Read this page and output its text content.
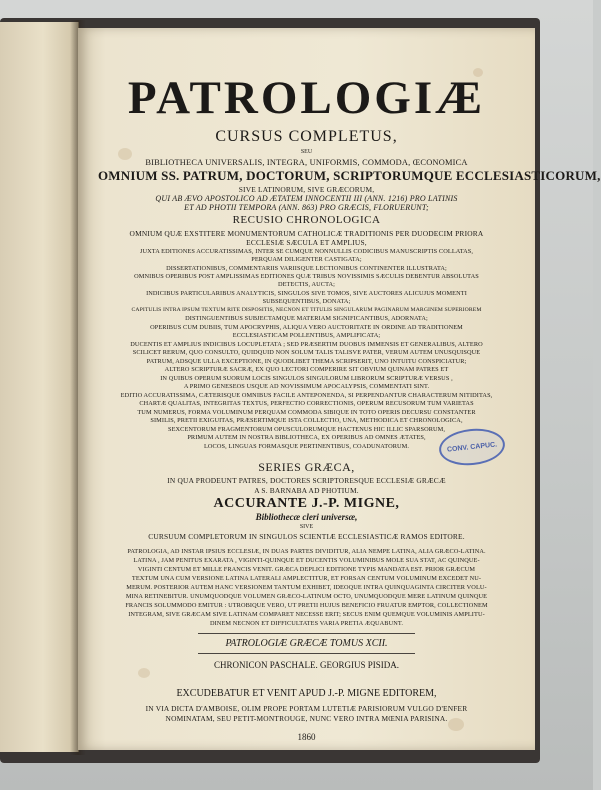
PATROLOGIÆ
CURSUS COMPLETUS,
SEU
BIBLIOTHECA UNIVERSALIS, INTEGRA, UNIFORMIS, COMMODA, ŒCONOMICA
OMNIUM SS. PATRUM, DOCTORUM, SCRIPTORUMQUE ECCLESIASTICORUM,
SIVE LATINORUM, SIVE GRÆCORUM,
QUI AB ÆVO APOSTOLICO AD ÆTATEM INNOCENTII III (ANN. 1216) PRO LATINIS
ET AD PHOTII TEMPORA (ANN. 863) PRO GRÆCIS, FLORUERUNT;
RECUSIO CHRONOLOGICA
OMNIUM QUÆ EXSTITERE MONUMENTORUM CATHOLICÆ TRADITIONIS PER DUODECIM PRIORA
ECCLESIÆ SÆCULA ET AMPLIUS,
JUXTA EDITIONES ACCURATISSIMAS, INTER SE CUMQUE NONNULLIS CODICIBUS MANUSCRIPTIS COLLATAS,
PERQUAM DILIGENTER CASTIGATA;
DISSERTATIONIBUS, COMMENTARIIS VARIISQUE LECTIONIBUS CONTINENTER ILLUSTRATA;
OMNIBUS OPERIBUS POST AMPLISSIMAS EDITIONES QUÆ TRIBUS NOVISSIMIS SÆCULIS DEBENTUR ABSOLUTAS
DETECTIS, AUCTA;
INDICIBUS PARTICULARIBUS ANALYTICIS, SINGULOS SIVE TOMOS, SIVE AUCTORES ALICUJUS MOMENTI
SUBSEQUENTIBUS, DONATA;
CAPITULIS INTRA IPSUM TEXTUM RITE DISPOSITIS, NECNON ET TITULIS SINGULARUM PAGINARUM MARGINEM SUPERIOREM
DISTINGUENTIBUS SUBJECTAMQUE MATERIAM SIGNIFICANTIBUS, ADORNATA;
OPERIBUS CUM DUBIIS, TUM APOCRYPHIS, ALIQUA VERO AUCTORITATE IN ORDINE AD TRADITIONEM
ECCLESIASTICAM POLLENTIBUS, AMPLIFICATA;
DUCENTIS ET AMPLIUS INDICIBUS LOCUPLETATA ; SED PRÆSERTIM DUOBUS IMMENSIS ET GENERALIBUS, ALTERO
SCILICET RERUM, QUO CONSULTO, QUIDQUID NON SOLUM TALIS TALISVE PATER, VERUM AUTEM UNUSQUISQUE
PATRUM, ADSQUE ULLA EXCEPTIONE, IN QUODLIBET THEMA SCRIPSERIT, UNO INTUITU CONSPICIATUR;
ALTERO SCRIPTURÆ SACRÆ, EX QUO LECTORI COMPERIRE SIT OBVIUM QUINAM PATRES ET
IN QUIBUS OPERUM SUORUM LOCIS SINGULOS SINGULORUM LIBRORUM SCRIPTURÆ VERSUS ,
A PRIMO GENESEOS USQUE AD NOVISSIMUM APOCALYPSIS, COMMENTATI SINT.
EDITIO ACCURATISSIMA, CÆTERISQUE OMNIBUS FACILE ANTEPONENDA, SI PERPENDANTUR CHARACTERUM NITIDITAS,
CHARTÆ QUALITAS, INTEGRITAS TEXTUS, PERFECTIO CORRECTIONIS, OPERUM RECUSORUM TUM VARIETAS
TUM NUMERUS, FORMA VOLUMINUM PERQUAM COMMODA SIBIQUE IN TOTO OPERIS DECURSU CONSTANTER
SIMILIS, PRETII EXIGUITAS, PRÆSERTIMQUE ISTA COLLECTIO, UNA, METHODICA ET CHRONOLOGICA,
SEXCENTORUM FRAGMENTORUM OPUSCULORUMQUE HACTENUS HIC ILLIC SPARSORUM,
PRIMUM AUTEM IN NOSTRA BIBLIOTHECA, EX OPERIBUS AD OMNES ÆTATES,
LOCOS, LINGUAS FORMASQUE PERTINENTIBUS, COADUNATORUM.
SERIES GRÆCA,
IN QUA PRODEUNT PATRES, DOCTORES SCRIPTORESQUE ECCLESIÆ GRÆCÆ
A S. BARNABA AD PHOTIUM.
ACCURANTE J.-P. MIGNE,
Bibliothecæ cleri universæ,
SIVE
CURSUUM COMPLETORUM IN SINGULOS SCIENTIÆ ECCLESIASTICÆ RAMOS EDITORE.
PATROLOGIA, AD INSTAR IPSIUS ECCLESIÆ, IN DUAS PARTES DIVIDITUR, ALIA NEMPE LATINA, ALIA GRÆCO-LATINA.
LATINA , JAM PENITUS EXARATA , VIGINTI-QUINQUE ET DUCENTIS VOLUMINIBUS MOLE SUA STAT, AC QUINQUE-
VIGINTI CENTUM ET MILLE FRANCIS VENIT. GRÆCA DEPLICI EDITIONE TYPIS MANDATA EST. PRIOR GRÆCUM
TEXTUM UNA CUM VERSIONE LATINA LATERALI AMPLECTITUR, ET FORSAN CENTUM VOLUMINUM EXCEDET NU-
MERUM. POSTERIOR AUTEM HANC VERSIONEM TANTUM EXHIBET, IDEOQUE INTRA QUINQUAGINTA CIRCITER VOLU-
MINA RETINEBITUR. UNUMQUODQUE VOLUMEN GRÆCO-LATINUM OCTO, UNUMQUODQUE MERE LATINUM QUINQUE
FRANCIS SOLUMMODO EMITUR : UTROBIQUE VERO, UT PRETII HUJUS BENEFICIO FRUATUR EMPTOR, COLLECTIONEM
INTEGRAM, SIVE GRÆCAM SIVE LATINAM COMPARET NECESSE ERIT; SECUS ENIM QUEMQUE VOLUMINIS AMPLITU-
DINEM NECNON ET DIFFICULTATES VARIA PRETIA ÆQUABUNT.
PATROLOGIÆ GRÆCÆ TOMUS XCII.
CHRONICON PASCHALE. GEORGIUS PISIDA.
EXCUDEBATUR ET VENIT APUD J.-P. MIGNE EDITOREM,
IN VIA DICTA D'AMBOISE, OLIM PROPE PORTAM LUTETIÆ PARISIORUM VULGO D'ENFER
NOMINATAM, SEU PETIT-MONTROUGE, NUNC VERO INTRA MŒNIA PARISINA.
1860
CONV. CAPUC.
